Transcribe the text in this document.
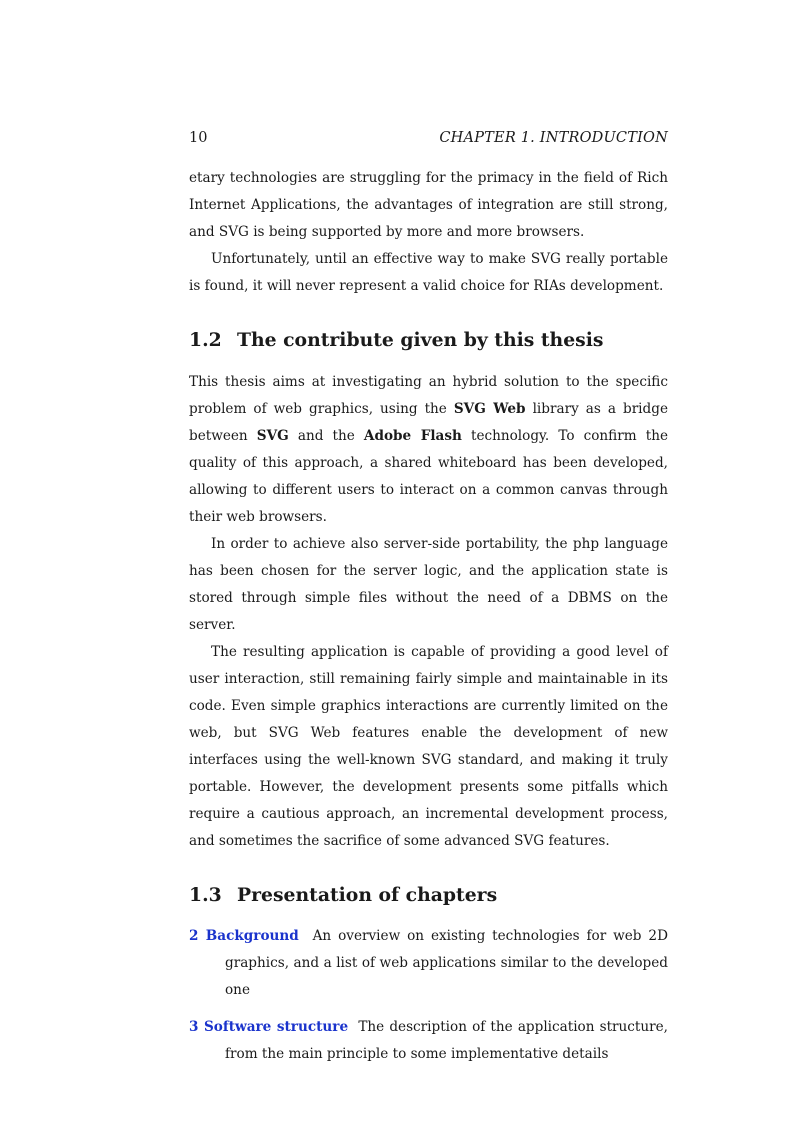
10	CHAPTER 1. INTRODUCTION

etary technologies are struggling for the primacy in the field of Rich Internet Applications, the advantages of integration are still strong, and SVG is being supported by more and more browsers.

Unfortunately, until an effective way to make SVG really portable is found, it will never represent a valid choice for RIAs development.

1.2 The contribute given by this thesis

This thesis aims at investigating an hybrid solution to the specific problem of web graphics, using the SVG Web library as a bridge between SVG and the Adobe Flash technology. To confirm the quality of this approach, a shared whiteboard has been developed, allowing to different users to interact on a common canvas through their web browsers.

In order to achieve also server-side portability, the php language has been chosen for the server logic, and the application state is stored through simple files without the need of a DBMS on the server.

The resulting application is capable of providing a good level of user interaction, still remaining fairly simple and maintainable in its code. Even simple graphics interactions are currently limited on the web, but SVG Web features enable the development of new interfaces using the well-known SVG standard, and making it truly portable. However, the development presents some pitfalls which require a cautious approach, an incremental development process, and sometimes the sacrifice of some advanced SVG features.

1.3 Presentation of chapters
2 Background An overview on existing technologies for web 2D graphics, and a list of web applications similar to the developed one
3 Software structure The description of the application structure, from the main principle to some implementative details
